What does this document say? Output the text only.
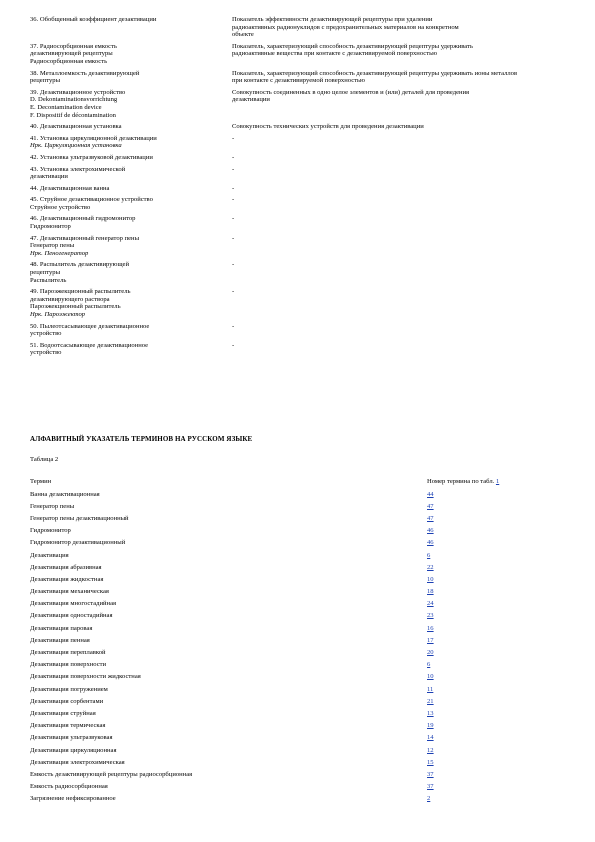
36. Обобщенный коэффициент дезактивации	Показатель эффективности дезактивирующей рецептуры при удалении
радиоактивных радионуклидов с предохранительных материалов на конкретном
объекте

37. Радиосорбционная емкость
дезактивирующей рецептуры
Радиосорбционная емкость	Показатель, характеризующий способность дезактивирующей рецептуры удерживать
радиоактивные вещества при контакте с дезактивируемой поверхностью

38. Металлоемкость дезактивирующей
рецептуры	Показатель, характеризующий способность дезактивирующей рецептуры удерживать ионы металлов
при контакте с дезактивируемой поверхностью

39. Дезактивационное устройство
D. Dekontaminationsvorrichtung
E. Decontamination device
F. Dispositif de décontamination	Совокупность соединенных в одно целое элементов и (или) деталей для проведения
дезактивации

40. Дезактивационная установка	Совокупность технических устройств для проведения дезактивации

41. Установка циркуляционной дезактивации
Нрк. Циркуляционная установка	-

42. Установка ультразвуковой дезактивации	-

43. Установка электрохимической
дезактивации	-

44. Дезактивационная ванна	-

45. Струйное дезактивационное устройство
Струйное устройство	-

46. Дезактивационный гидромонитор
Гидромонитор	-

47. Дезактивационный генератор пены
Генератор пены
Нрк. Пеногенератор	-

48. Распылитель дезактивирующей
рецептуры
Распылитель	-

49. Пароэжекционный распылитель
дезактивирующего раствора
Пароэжекционный распылитель
Нрк. Пароэжектор	-

50. Пылеотсасывающее дезактивационное
устройство	-

51. Водоотсасывающее дезактивационное
устройство	-
АЛФАВИТНЫЙ УКАЗАТЕЛЬ ТЕРМИНОВ НА РУССКОМ ЯЗЫКЕ
Таблица 2
Термин	Номер термина по табл. 1
Ванна дезактивационная	44
Генератор пены	47
Генератор пены дезактивационный	47
Гидромонитор	46
Гидромонитор дезактивационный	46
Дезактивация	6
Дезактивация абразивная	22
Дезактивация жидкостная	10
Дезактивация механическая	18
Дезактивация многостадийная	24
Дезактивация одностадийная	23
Дезактивация паровая	16
Дезактивация пенная	17
Дезактивация переплавкой	20
Дезактивация поверхности	6
Дезактивация поверхности жидкостная	10
Дезактивация погружением	11
Дезактивация сорбентами	21
Дезактивация струйная	13
Дезактивация термическая	19
Дезактивация ультразвуковая	14
Дезактивация циркуляционная	12
Дезактивация электрохимическая	15
Емкость дезактивирующей рецептуры радиосорбционная	37
Емкость радиосорбционная	37
Загрязнение нефиксированное	2
